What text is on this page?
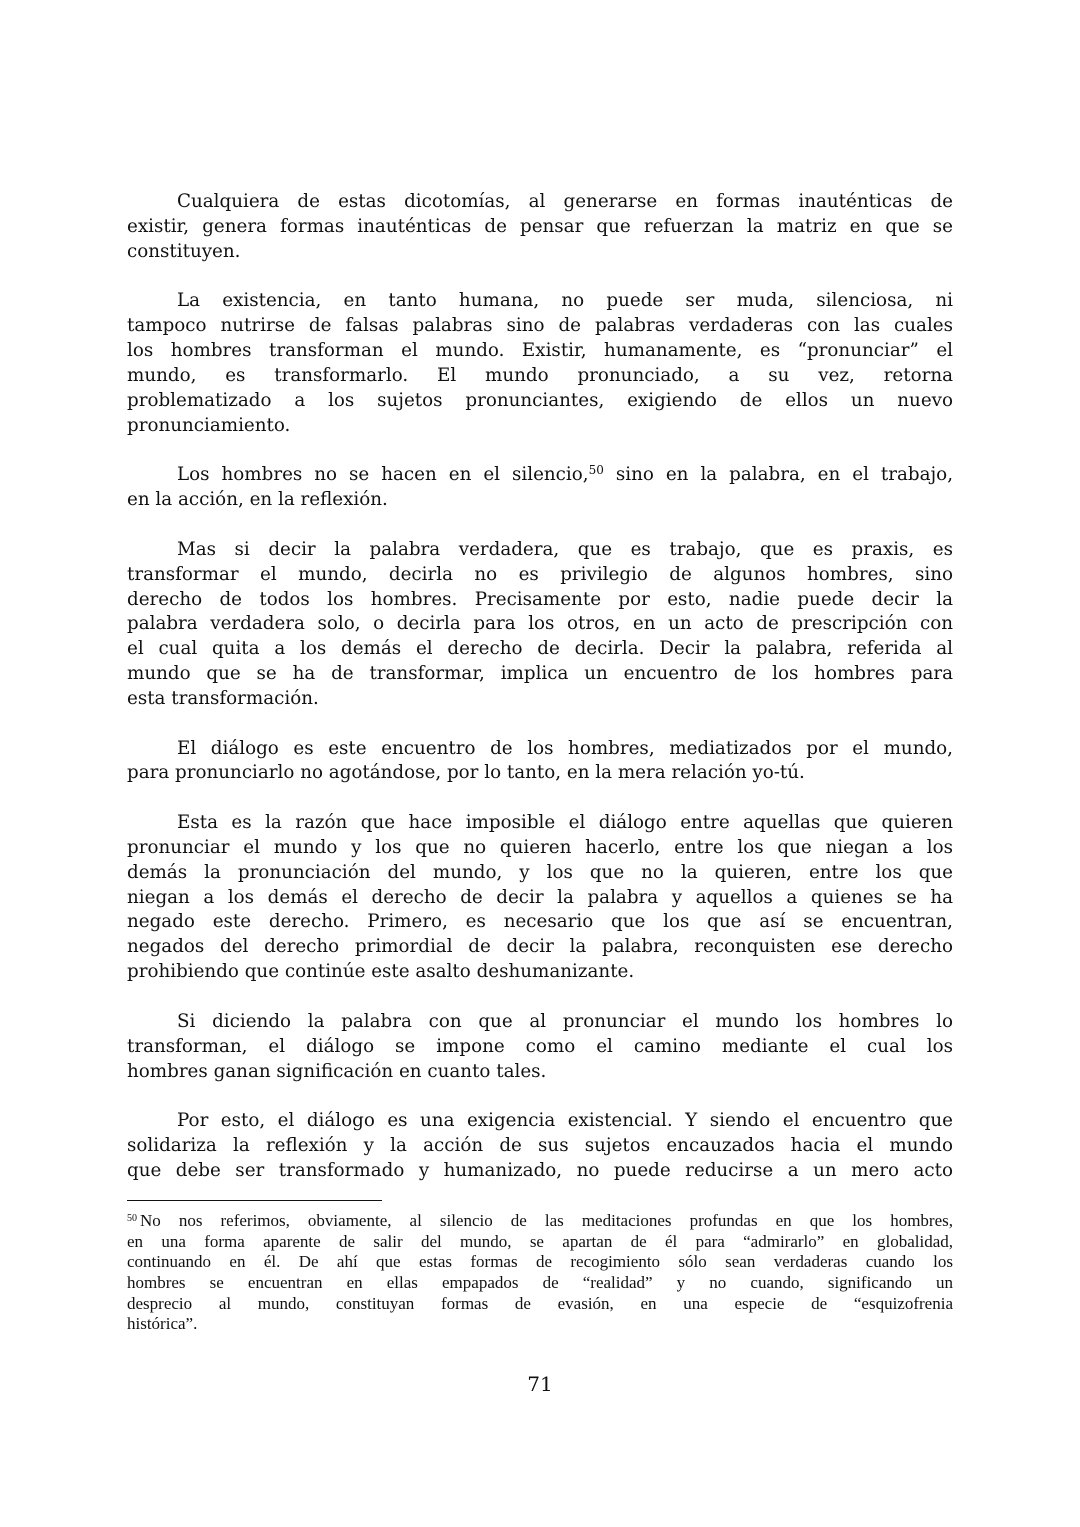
Cualquiera de estas dicotomías, al generarse en formas inauténticas de
existir, genera formas inauténticas de pensar que refuerzan la matriz en que se
constituyen.
La existencia, en tanto humana, no puede ser muda, silenciosa, ni
tampoco nutrirse de falsas palabras sino de palabras verdaderas con las cuales
los hombres transforman el mundo. Existir, humanamente, es “pronunciar” el
mundo, es transformarlo. El mundo pronunciado, a su vez, retorna
problematizado a los sujetos pronunciantes, exigiendo de ellos un nuevo
pronunciamiento.
Los hombres no se hacen en el silencio,$^{50}$ sino en la palabra, en el trabajo,
en la acción, en la reflexión.
Mas si decir la palabra verdadera, que es trabajo, que es praxis, es
transformar el mundo, decirla no es privilegio de algunos hombres, sino
derecho de todos los hombres. Precisamente por esto, nadie puede decir la
palabra verdadera solo, o decirla para los otros, en un acto de prescripción con
el cual quita a los demás el derecho de decirla. Decir la palabra, referida al
mundo que se ha de transformar, implica un encuentro de los hombres para
esta transformación.
El diálogo es este encuentro de los hombres, mediatizados por el mundo,
para pronunciarlo no agotándose, por lo tanto, en la mera relación yo-tú.
Esta es la razón que hace imposible el diálogo entre aquellas que quieren
pronunciar el mundo y los que no quieren hacerlo, entre los que niegan a los
demás la pronunciación del mundo, y los que no la quieren, entre los que
niegan a los demás el derecho de decir la palabra y aquellos a quienes se ha
negado este derecho. Primero, es necesario que los que así se encuentran,
negados del derecho primordial de decir la palabra, reconquisten ese derecho
prohibiendo que continúe este asalto deshumanizante.
Si diciendo la palabra con que al pronunciar el mundo los hombres lo
transforman, el diálogo se impone como el camino mediante el cual los
hombres ganan significación en cuanto tales.
Por esto, el diálogo es una exigencia existencial. Y siendo el encuentro que
solidariza la reflexión y la acción de sus sujetos encauzados hacia el mundo
que debe ser transformado y humanizado, no puede reducirse a un mero acto
$^{50}$ No nos referimos, obviamente, al silencio de las meditaciones profundas en que los hombres,
en una forma aparente de salir del mundo, se apartan de él para “admirarlo” en globalidad,
continuando en él. De ahí que estas formas de recogimiento sólo sean verdaderas cuando los
hombres se encuentran en ellas empapados de “realidad” y no cuando, significando un
desprecio al mundo, constituyan formas de evasión, en una especie de “esquizofrenia
histórica”.
71
